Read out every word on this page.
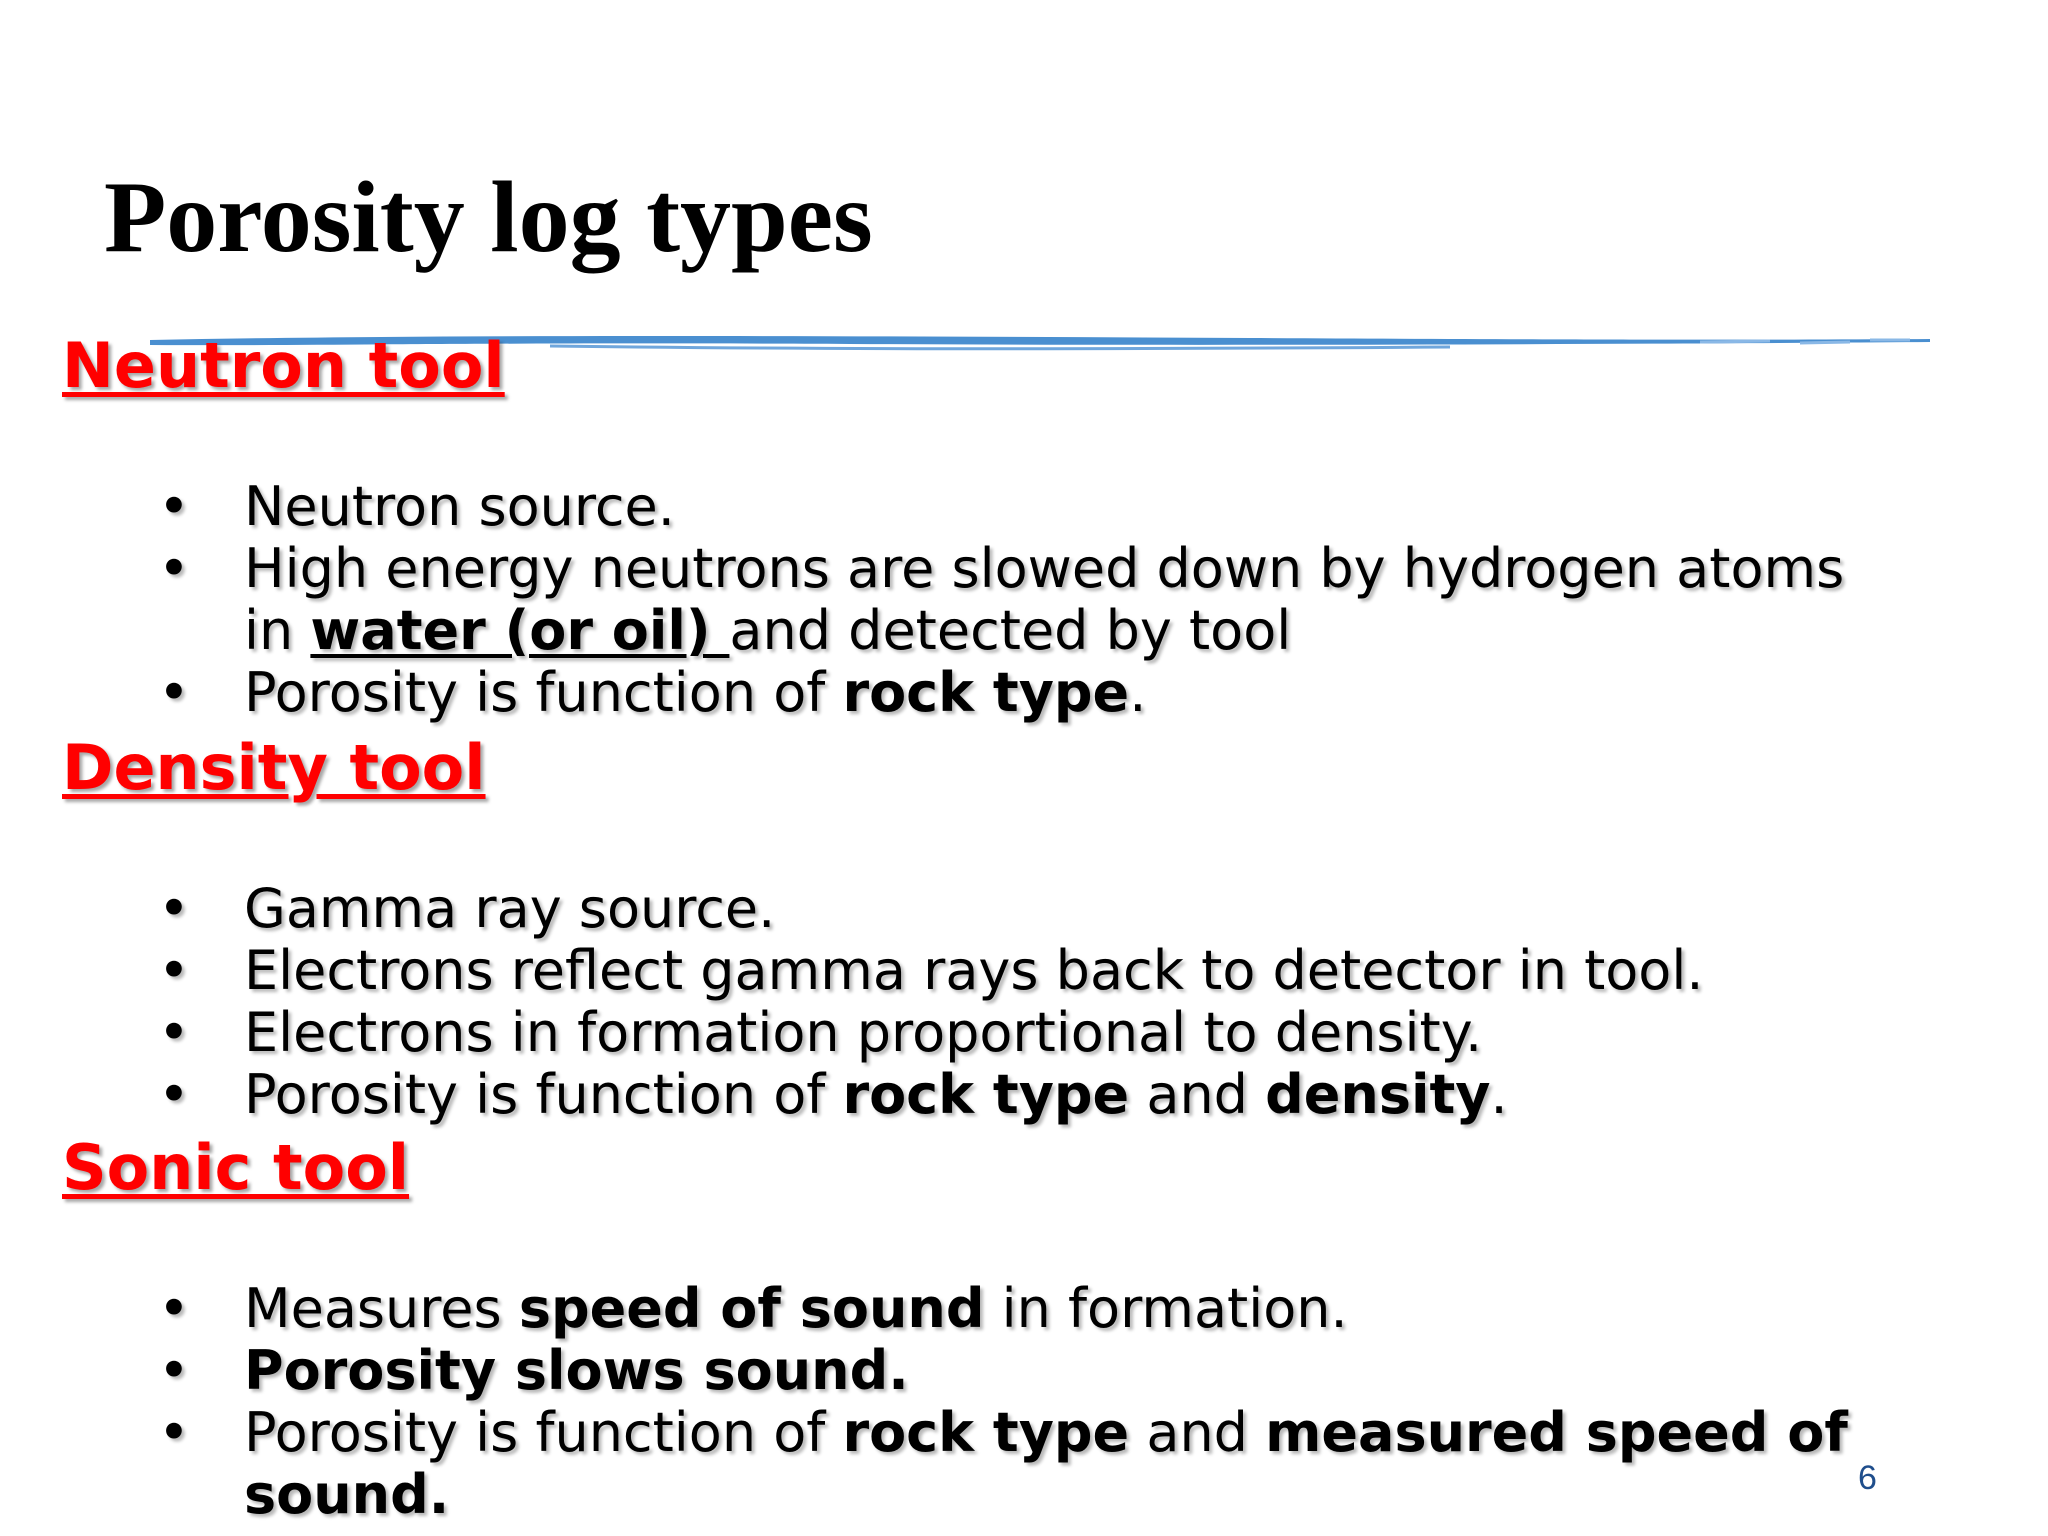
Porosity log types
Neutron tool
• Neutron source.
• High energy neutrons are slowed down by hydrogen atoms in water (or oil) and detected by tool
• Porosity is function of rock type.
Density tool
• Gamma ray source.
• Electrons reflect gamma rays back to detector in tool.
• Electrons in formation proportional to density.
• Porosity is function of rock type and density.
Sonic tool
• Measures speed of sound in formation.
• Porosity slows sound.
• Porosity is function of rock type and measured speed of sound.	6
